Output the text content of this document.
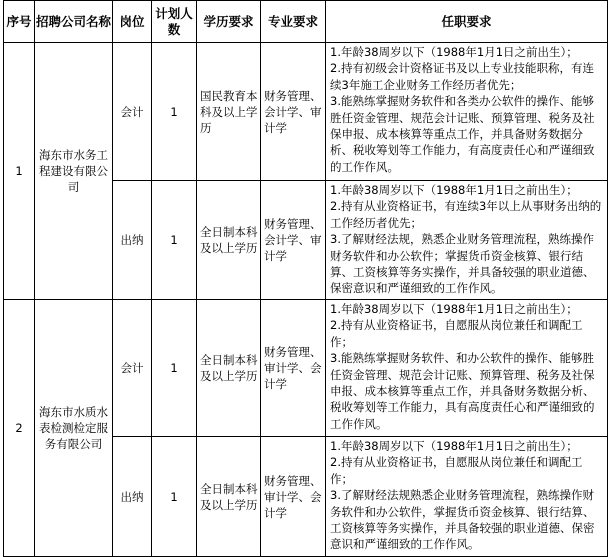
序号	招聘公司名称	岗位	计划人数	学历要求	专业要求	任职要求
1	海东市水务工程建设有限公司	会计	1	国民教育本科及以上学历	财务管理、会计学、审计学	1.年龄38周岁以下（1988年1月1日之前出生）；

2.持有初级会计资格证书及以上专业技能职称，有连续3年施工企业财务工作经历者优先；

3.能熟练掌握财务软件和各类办公软件的操作、能够胜任资金管理、规范会计记账、预算管理、税务及社保申报、成本核算等重点工作，并具备财务数据分析、税收筹划等工作能力，有高度责任心和严谨细致的工作作风。

		出纳	1	全日制本科及以上学历	财务管理、会计学、审计学	1.年龄38周岁以下（1988年1月1日之前出生）；

2.持有从业资格证书，有连续3年以上从事财务出纳的工作经历者优先；

3.了解财经法规，熟悉企业财务管理流程，熟练操作财务软件和办公软件；掌握货币资金核算、银行结算、工资核算等务实操作，并具备较强的职业道德、保密意识和严谨细致的工作作风。

2	海东市水质水表检测检定服务有限公司	会计	1	全日制本科及以上学历	财务管理、审计学、会计学	1.年龄38周岁以下（1988年1月1日之前出生）；

2.持有从业资格证书，自愿服从岗位兼任和调配工作；

3.能熟练掌握财务软件、和办公软件的操作、能够胜任资金管理、规范会计记账、预算管理、税务及社保申报、成本核算等重点工作，并具备财务数据分析、税收筹划等工作能力，具有高度责任心和严谨细致的工作作风。

		出纳	1	全日制本科及以上学历	财务管理、审计学、会计学	1.年龄38周岁以下（1988年1月1日之前出生）；

2.持有从业资格证书，自愿服从岗位兼任和调配工作；

3.了解财经法规熟悉企业财务管理流程，熟练操作财务软件和办公软件，掌握货币资金核算、银行结算、工资核算等务实操作，并具备较强的职业道德、保密意识和严谨细致的工作作风。
